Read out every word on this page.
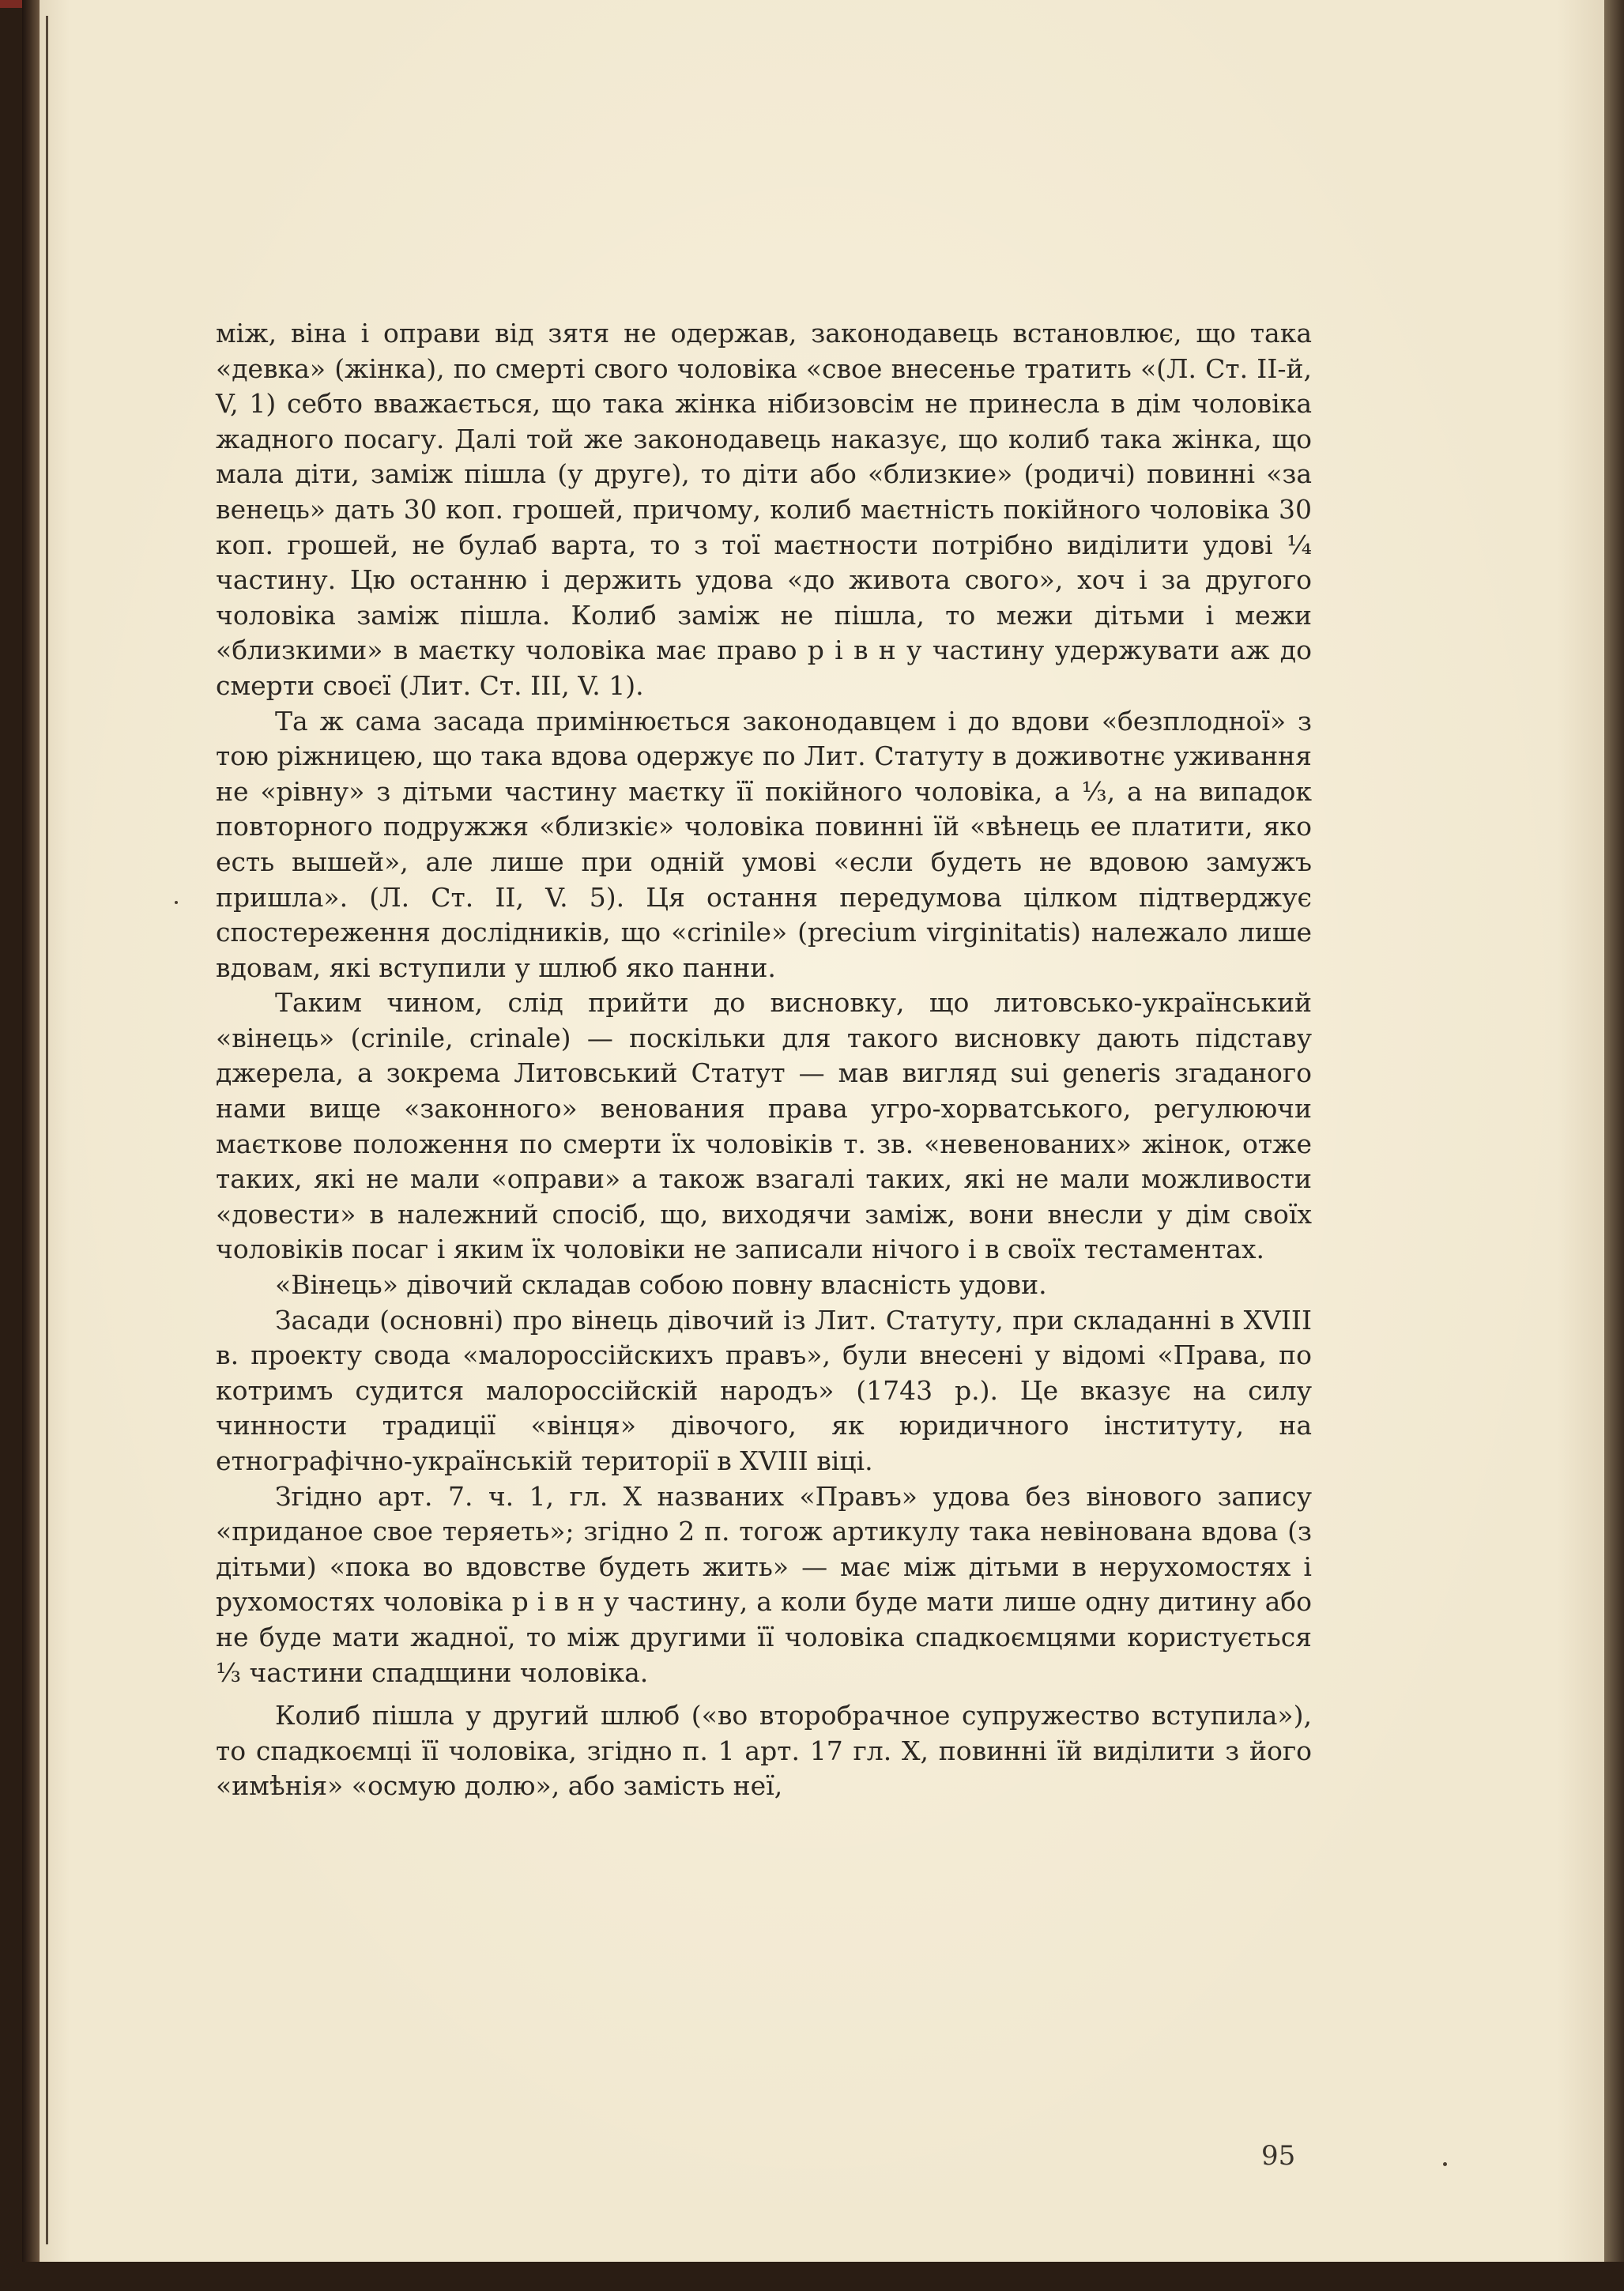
між, віна і оправи від зятя не одержав, законодавець встановлює, що така «девка» (жінка), по смерті свого чоловіка «свое внесенье тратить «(Л. Ст. II-й, V, 1) себто вважається, що така жінка нібизовсім не принесла в дім чоловіка жадного посагу. Далі той же законодавець наказує, що колиб така жінка, що мала діти, заміж пішла (у друге), то діти або «близкие» (родичі) повинні «за венець» дать 30 коп. грошей, причому, колиб маєтність покійного чоловіка 30 коп. грошей, не булаб варта, то з тої маєтности потрібно виділити удові ¼ частину. Цю останню і держить удова «до живота свого», хоч і за другого чоловіка заміж пішла. Колиб заміж не пішла, то межи дітьми і межи «близкими» в маєтку чоловіка має право р і в н у частину удержувати аж до смерти своєї (Лит. Ст. III, V. 1).

Та ж сама засада примінюється законодавцем і до вдови «безплодної» з тою ріжницею, що така вдова одержує по Лит. Статуту в доживотнє уживання не «рівну» з дітьми частину маєтку її покійного чоловіка, а ⅓, а на випадок повторного подружжя «близкіє» чоловіка повинні їй «вѣнець ее платити, яко есть вышей», але лише при одній умові «если будеть не вдовою замужъ пришла». (Л. Ст. II, V. 5). Ця остання передумова цілком підтверджує спостереження дослідників, що «crinile» (precium virginitatis) належало лише вдовам, які вступили у шлюб яко панни.

Таким чином, слід прийти до висновку, що литовсько-український «вінець» (crinile, crinale) — поскільки для такого висновку дають підставу джерела, а зокрема Литовський Статут — мав вигляд sui generis згаданого нами вище «законного» венования права угро-хорватського, регулюючи маєткове положення по смерти їх чоловіків т. зв. «невенованих» жінок, отже таких, які не мали «оправи» а також взагалі таких, які не мали можливости «довести» в належний спосіб, що, виходячи заміж, вони внесли у дім своїх чоловіків посаг і яким їх чоловіки не записали нічого і в своїх тестаментах.

«Вінець» дівочий складав собою повну власність удови.

Засади (основні) про вінець дівочий із Лит. Статуту, при складанні в XVIII в. проекту свода «малороссійскихъ правъ», були внесені у відомі «Права, по котримъ судится малороссійскій народъ» (1743 р.). Це вказує на силу чинности традиції «вінця» дівочого, як юридичного інституту, на етнографічно-українській території в XVIII віці.

Згідно арт. 7. ч. 1, гл. X названих «Правъ» удова без вінового запису «приданое свое теряеть»; згідно 2 п. тогож артикулу така невінована вдова (з дітьми) «пока во вдовстве будеть жить» — має між дітьми в нерухомостях і рухомостях чоловіка р і в н у частину, а коли буде мати лише одну дитину або не буде мати жадної, то між другими її чоловіка спадкоємцями користується ⅓ частини спадщини чоловіка.

Колиб пішла у другий шлюб («во второбрачное супружество вступила»), то спадкоємці її чоловіка, згідно п. 1 арт. 17 гл. X, повинні їй виділити з його «имѣнія» «осмую долю», або замість неї,

95
